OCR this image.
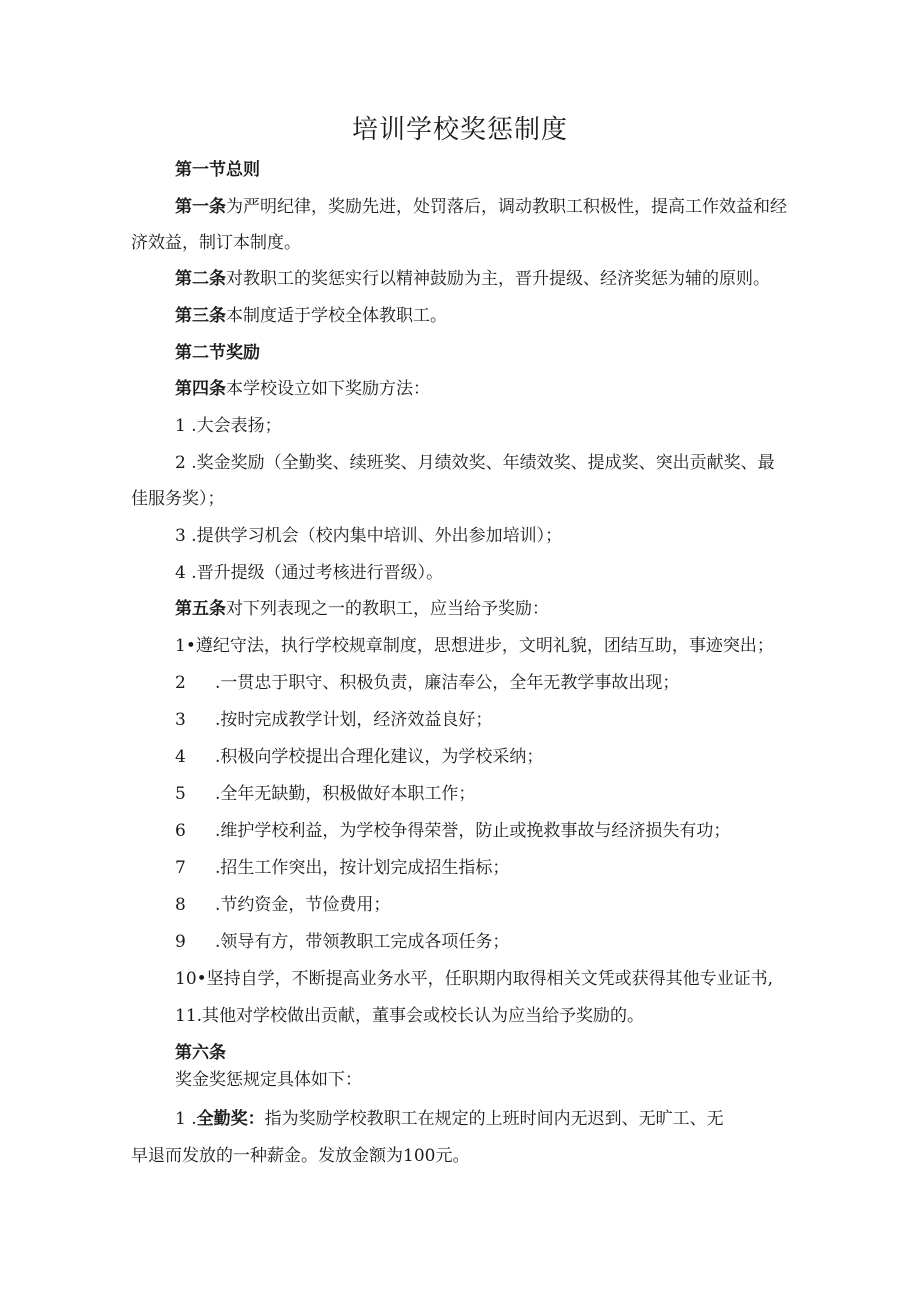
培训学校奖惩制度
第一节总则
第一条为严明纪律，奖励先进，处罚落后，调动教职工积极性，提高工作效益和经
济效益，制订本制度。
第二条对教职工的奖惩实行以精神鼓励为主，晋升提级、经济奖惩为辅的原则。
第三条本制度适于学校全体教职工。
第二节奖励
第四条本学校设立如下奖励方法：
1 .大会表扬；
2 .奖金奖励（全勤奖、续班奖、月绩效奖、年绩效奖、提成奖、突出贡献奖、最
佳服务奖）；
3 .提供学习机会（校内集中培训、外出参加培训）；
4 .晋升提级（通过考核进行晋级）。
第五条对下列表现之一的教职工，应当给予奖励：
1•遵纪守法，执行学校规章制度，思想进步，文明礼貌，团结互助，事迹突出；
2 .一贯忠于职守、积极负责，廉洁奉公，全年无教学事故出现；
3 .按时完成教学计划，经济效益良好；
4 .积极向学校提出合理化建议，为学校采纳；
5 .全年无缺勤，积极做好本职工作；
6 .维护学校利益，为学校争得荣誉，防止或挽救事故与经济损失有功；
7 .招生工作突出，按计划完成招生指标；
8 .节约资金，节俭费用；
9 .领导有方，带领教职工完成各项任务；
10•坚持自学，不断提高业务水平，任职期内取得相关文凭或获得其他专业证书,
11.其他对学校做出贡献，董事会或校长认为应当给予奖励的。
第六条
奖金奖惩规定具体如下：
1 .全勤奖：指为奖励学校教职工在规定的上班时间内无迟到、无旷工、无
早退而发放的一种薪金。发放金额为100元。
